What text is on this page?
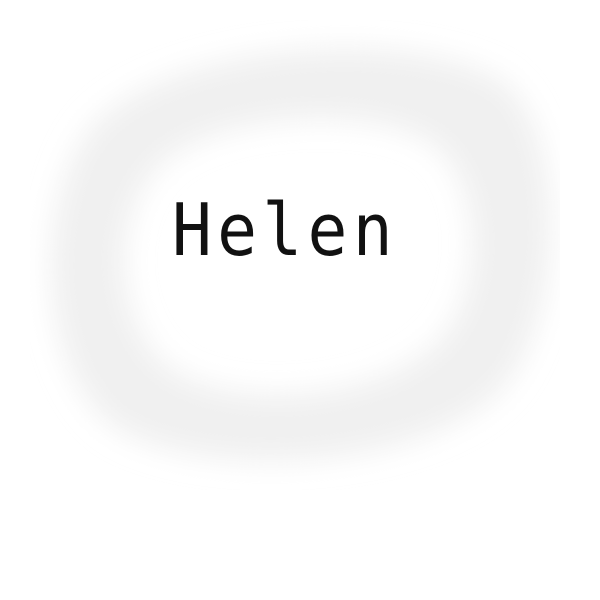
Helen
